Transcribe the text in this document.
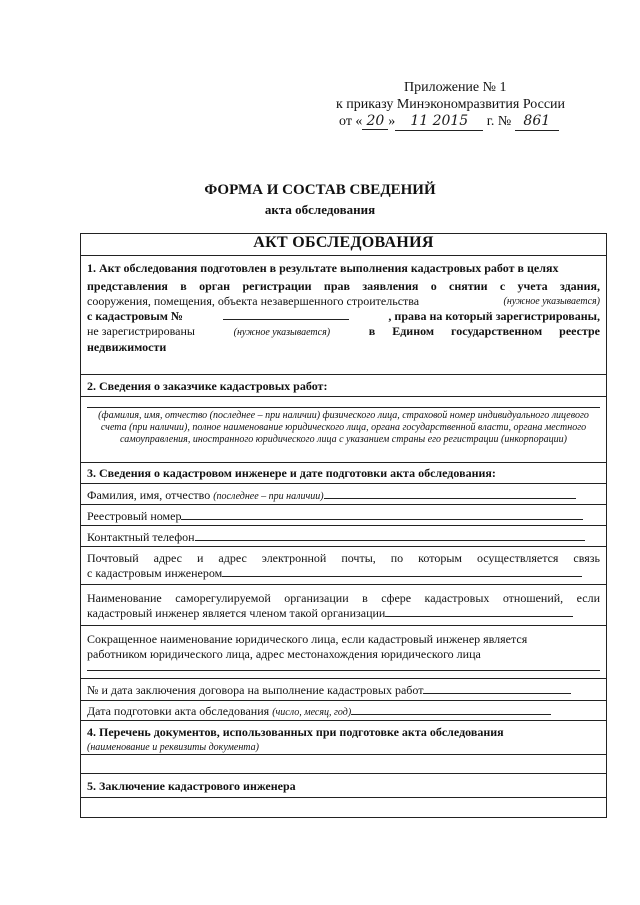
Приложение № 1
к приказу Минэкономразвития России
от « 20 » 11 2015 г. № 861
ФОРМА И СОСТАВ СВЕДЕНИЙ
акта обследования
АКТ ОБСЛЕДОВАНИЯ
1. Акт обследования подготовлен в результате выполнения кадастровых работ в целях
представления в орган регистрации прав заявления о снятии с учета здания,
сооружения, помещения, объекта незавершенного строительства	(нужное указывается)
с кадастровым №	, права на который зарегистрированы,
не зарегистрированы	(нужное указывается)	в Едином государственном реестре
недвижимости
2. Сведения о заказчике кадастровых работ:
(фамилия, имя, отчество (последнее – при наличии) физического лица, страховой номер индивидуального лицевого счета (при наличии), полное наименование юридического лица, органа государственной власти, органа местного самоуправления, иностранного юридического лица с указанием страны его регистрации (инкорпорации)
3. Сведения о кадастровом инженере и дате подготовки акта обследования:
Фамилия, имя, отчество (последнее – при наличии)
Реестровый номер
Контактный телефон
Почтовый адрес и адрес электронной почты, по которым осуществляется связь
с кадастровым инженером
Наименование саморегулируемой организации в сфере кадастровых отношений, если
кадастровый инженер является членом такой организации
Сокращенное наименование юридического лица, если кадастровый инженер является
работником юридического лица, адрес местонахождения юридического лица
№ и дата заключения договора на выполнение кадастровых работ
Дата подготовки акта обследования (число, месяц, год)
4. Перечень документов, использованных при подготовке акта обследования
(наименование и реквизиты документа)
5. Заключение кадастрового инженера
